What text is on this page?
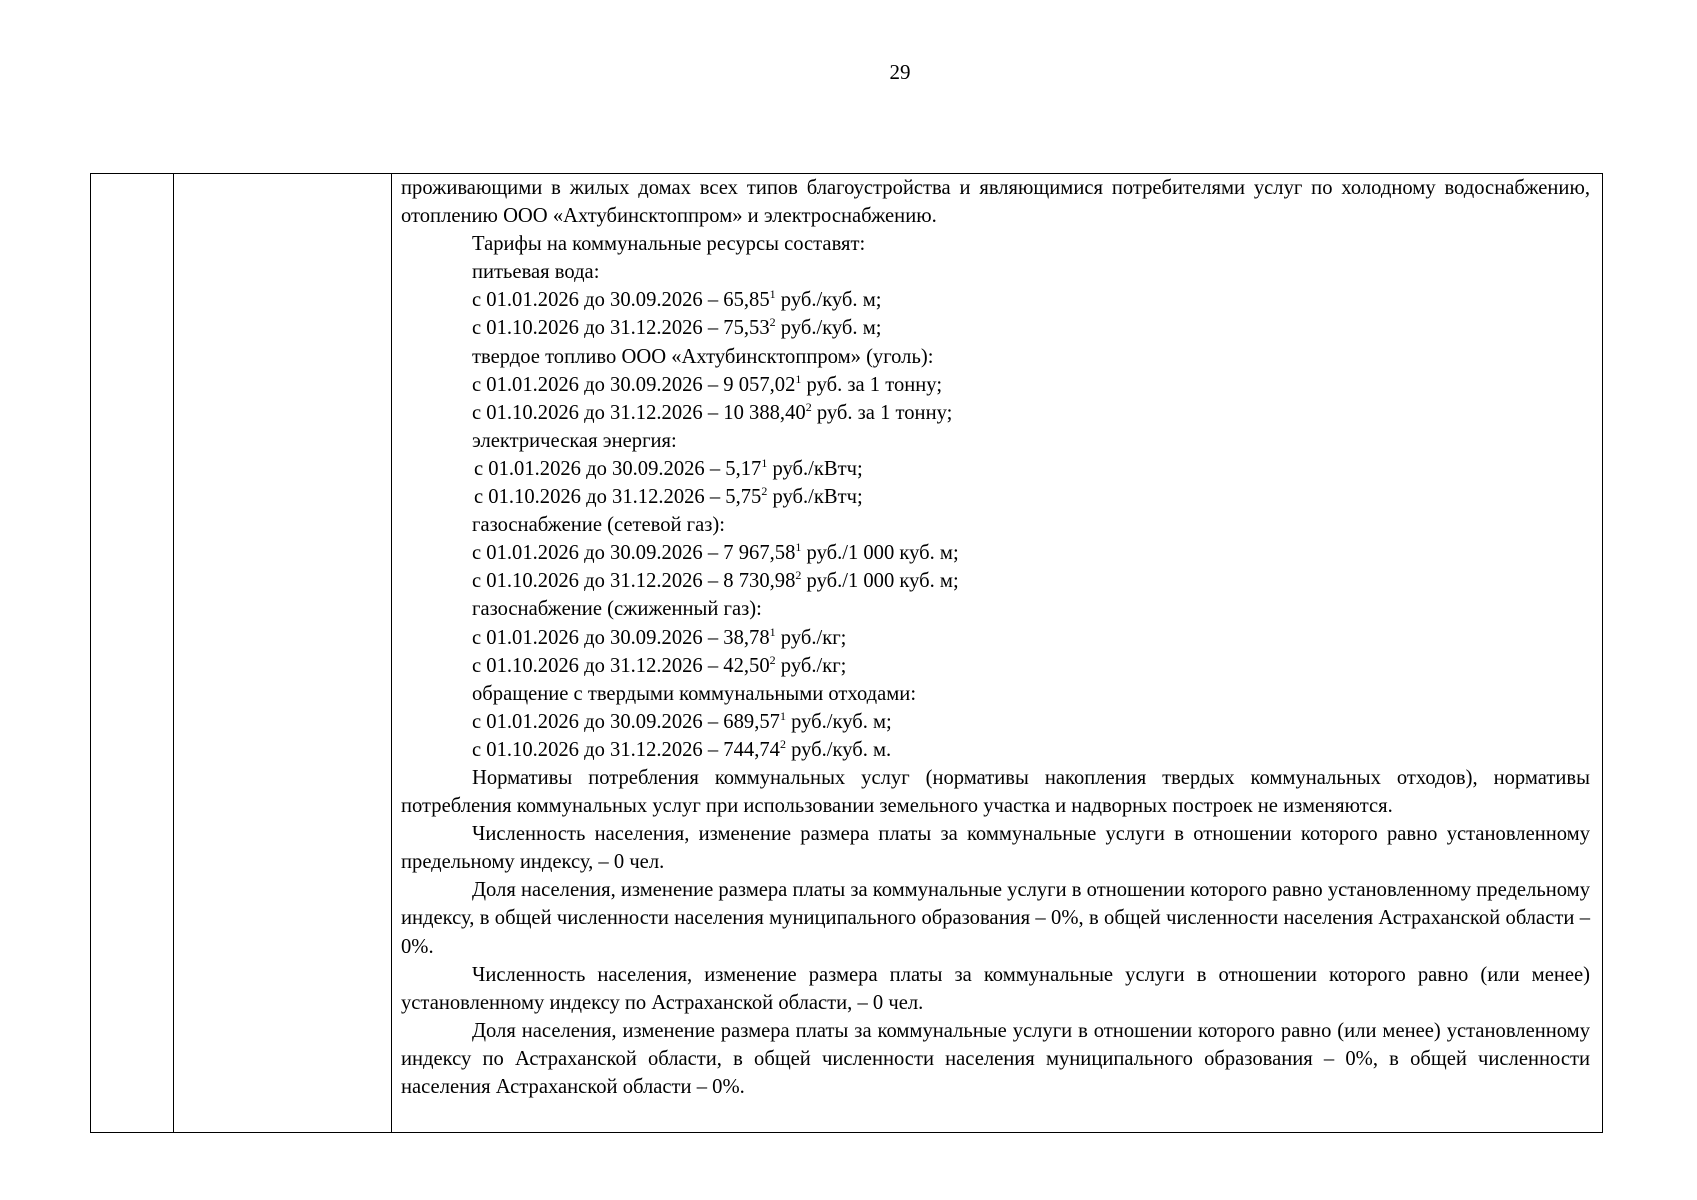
29

проживающими в жилых домах всех типов благоустройства и являющимися потребителями услуг по холодному водоснабжению, отоплению ООО «Ахтубинсктоппром» и электроснабжению.

Тарифы на коммунальные ресурсы составят:

питьевая вода:

с 01.01.2026 до 30.09.2026 – 65,85$^1$ руб./куб. м;

с 01.10.2026 до 31.12.2026 – 75,53$^2$ руб./куб. м;

твердое топливо ООО «Ахтубинсктоппром» (уголь):

с 01.01.2026 до 30.09.2026 – 9 057,02$^1$ руб. за 1 тонну;

с 01.10.2026 до 31.12.2026 – 10 388,40$^2$ руб. за 1 тонну;

электрическая энергия:

с 01.01.2026 до 30.09.2026 – 5,17$^1$ руб./кВтч;

с 01.10.2026 до 31.12.2026 – 5,75$^2$ руб./кВтч;

газоснабжение (сетевой газ):

с 01.01.2026 до 30.09.2026 – 7 967,58$^1$ руб./1 000 куб. м;

с 01.10.2026 до 31.12.2026 – 8 730,98$^2$ руб./1 000 куб. м;

газоснабжение (сжиженный газ):

с 01.01.2026 до 30.09.2026 – 38,78$^1$ руб./кг;

с 01.10.2026 до 31.12.2026 – 42,50$^2$ руб./кг;

обращение с твердыми коммунальными отходами:

с 01.01.2026 до 30.09.2026 – 689,57$^1$ руб./куб. м;

с 01.10.2026 до 31.12.2026 – 744,74$^2$ руб./куб. м.

Нормативы потребления коммунальных услуг (нормативы накопления твердых коммунальных отходов), нормативы потребления коммунальных услуг при использовании земельного участка и надворных построек не изменяются.

Численность населения, изменение размера платы за коммунальные услуги в отношении которого равно установленному предельному индексу, – 0 чел.

Доля населения, изменение размера платы за коммунальные услуги в отношении которого равно установленному предельному индексу, в общей численности населения муниципального образования – 0%, в общей численности населения Астраханской области – 0%.

Численность населения, изменение размера платы за коммунальные услуги в отношении которого равно (или менее) установленному индексу по Астраханской области, – 0 чел.

Доля населения, изменение размера платы за коммунальные услуги в отношении которого равно (или менее) установленному индексу по Астраханской области, в общей численности населения муниципального образования – 0%, в общей численности населения Астраханской области – 0%.
